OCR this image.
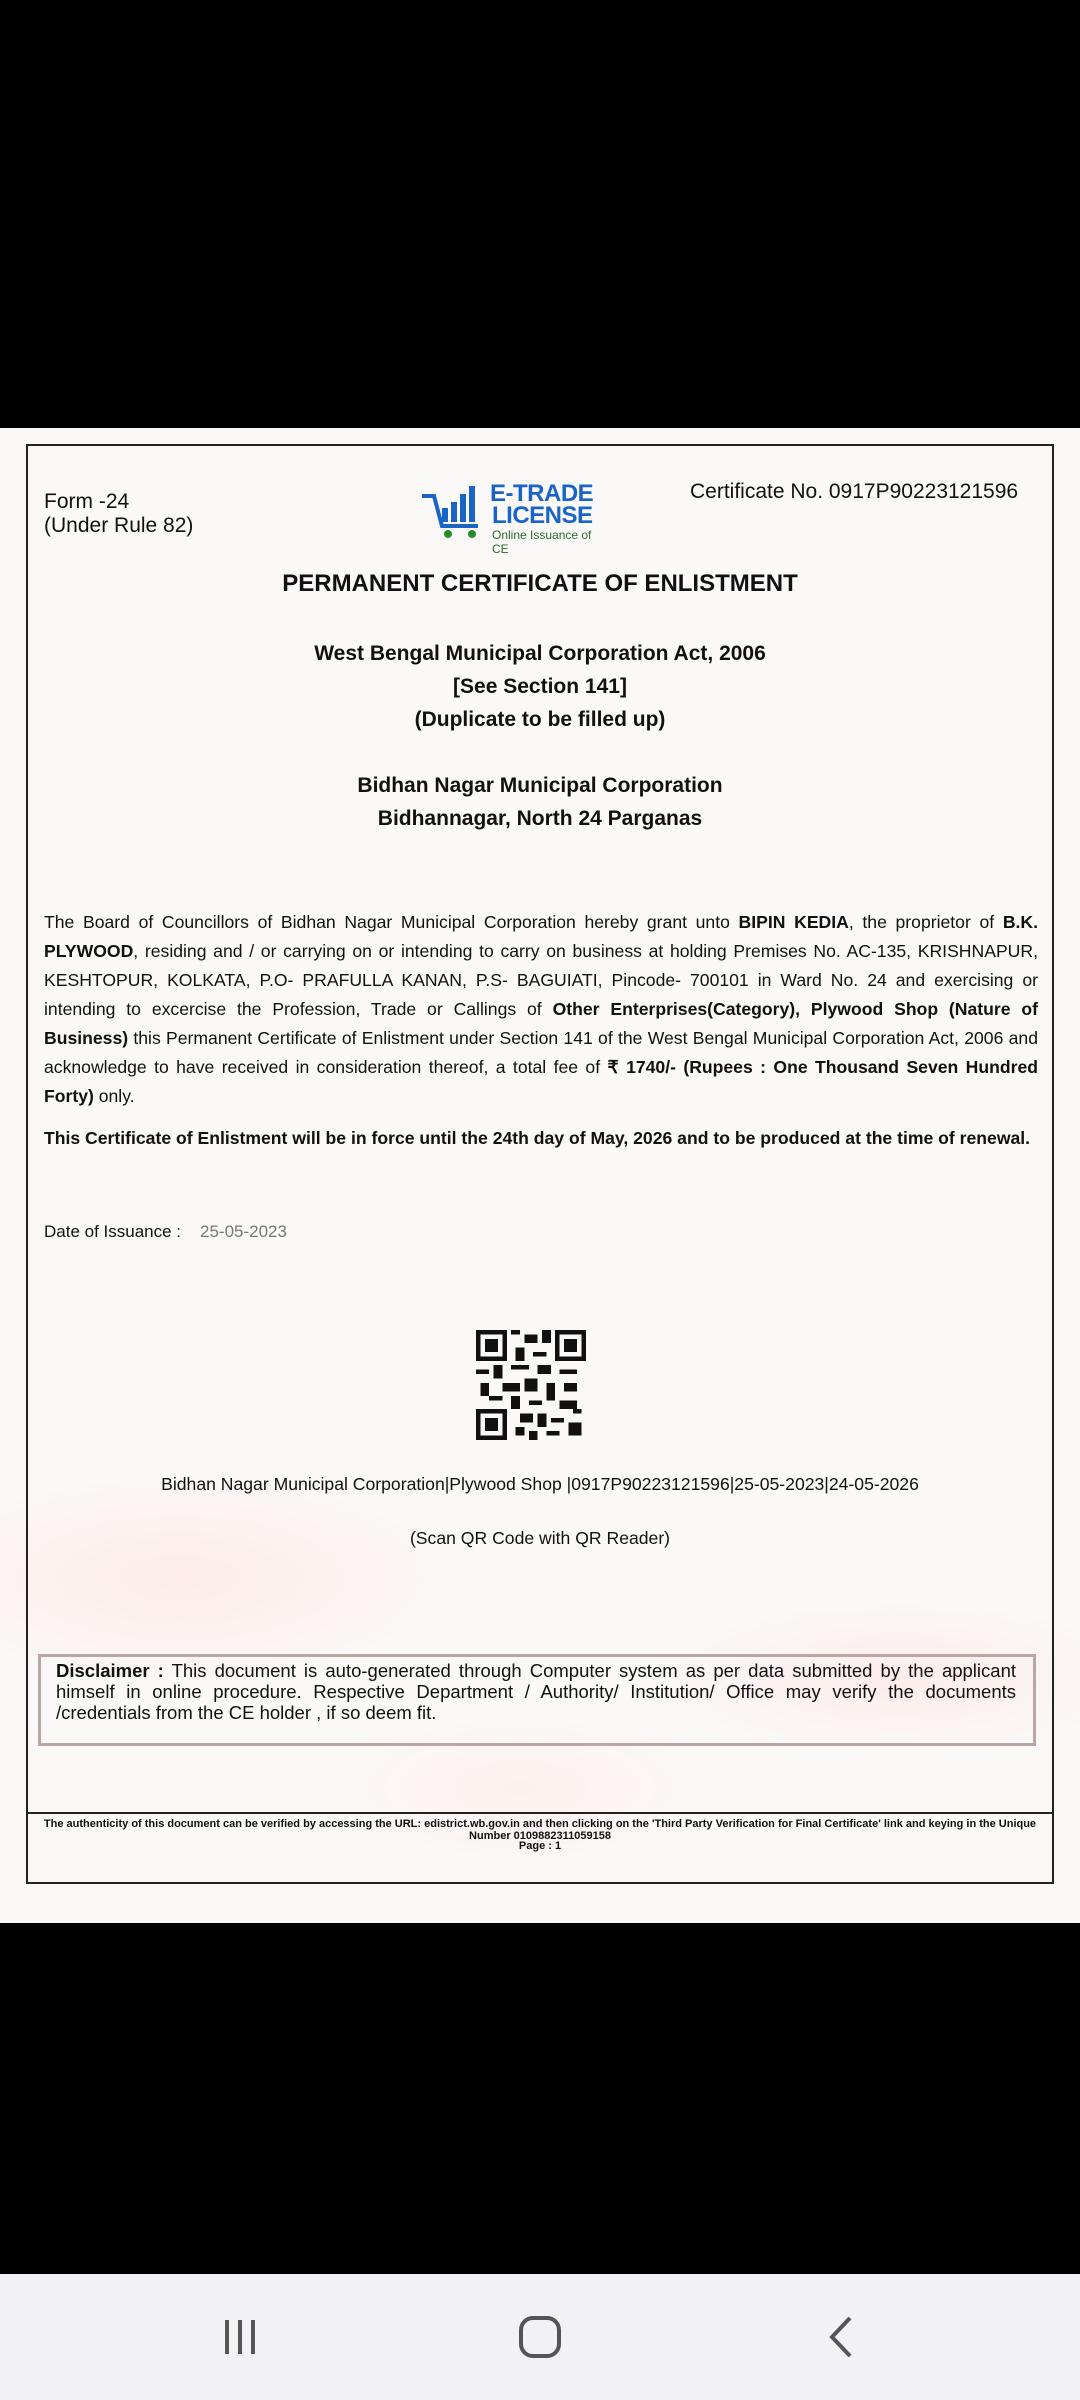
Form -24
(Under Rule 82)
E-TRADE
LICENSE
Online Issuance of CE
Certificate No. 0917P90223121596
PERMANENT CERTIFICATE OF ENLISTMENT
West Bengal Municipal Corporation Act, 2006
[See Section 141]
(Duplicate to be filled up)
Bidhan Nagar Municipal Corporation
Bidhannagar, North 24 Parganas
The Board of Councillors of Bidhan Nagar Municipal Corporation hereby grant unto BIPIN KEDIA, the proprietor of B.K. PLYWOOD, residing and / or carrying on or intending to carry on business at holding Premises No. AC-135, KRISHNAPUR, KESHTOPUR, KOLKATA, P.O- PRAFULLA KANAN, P.S- BAGUIATI, Pincode- 700101 in Ward No. 24 and exercising or intending to excercise the Profession, Trade or Callings of Other Enterprises(Category), Plywood Shop (Nature of Business) this Permanent Certificate of Enlistment under Section 141 of the West Bengal Municipal Corporation Act, 2006 and acknowledge to have received in consideration thereof, a total fee of ₹ 1740/- (Rupees : One Thousand Seven Hundred Forty) only.
This Certificate of Enlistment will be in force until the 24th day of May, 2026 and to be produced at the time of renewal.
Date of Issuance : 25-05-2023
Bidhan Nagar Municipal Corporation|Plywood Shop |0917P90223121596|25-05-2023|24-05-2026
(Scan QR Code with QR Reader)
Disclaimer : This document is auto-generated through Computer system as per data submitted by the applicant himself in online procedure. Respective Department / Authority/ Institution/ Office may verify the documents /credentials from the CE holder , if so deem fit.
The authenticity of this document can be verified by accessing the URL: edistrict.wb.gov.in and then clicking on the 'Third Party Verification for Final Certificate' link and keying in the Unique Number 0109882311059158
Page : 1
